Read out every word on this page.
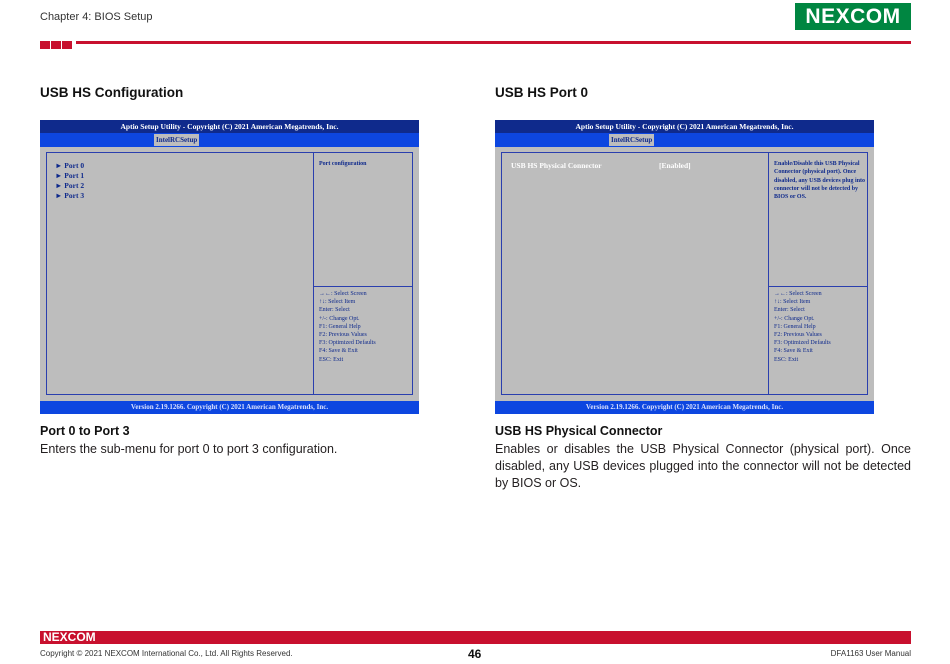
Chapter 4: BIOS Setup	NEXCOM
USB HS Configuration
Aptio Setup Utility - Copyright (C) 2021 American Megatrends, Inc.
IntelRCSetup
► Port 0
► Port 1
► Port 2
► Port 3
Port configuration
→←: Select Screen
↑↓: Select Item
Enter: Select
+/-: Change Opt.
F1: General Help
F2: Previous Values
F3: Optimized Defaults
F4: Save & Exit
ESC: Exit
Version 2.19.1266. Copyright (C) 2021 American Megatrends, Inc.
Port 0 to Port 3
Enters the sub-menu for port 0 to port 3 configuration.
USB HS Port 0
Aptio Setup Utility - Copyright (C) 2021 American Megatrends, Inc.
IntelRCSetup
USB HS Physical Connector	[Enabled]	Enable/Disable this USB Physical Connector (physical port). Once disabled, any USB devices plug into connector will not be detected by BIOS or OS.
→←: Select Screen
↑↓: Select Item
Enter: Select
+/-: Change Opt.
F1: General Help
F2: Previous Values
F3: Optimized Defaults
F4: Save & Exit
ESC: Exit
Version 2.19.1266. Copyright (C) 2021 American Megatrends, Inc.
USB HS Physical Connector
Enables or disables the USB Physical Connector (physical port). Once disabled, any USB devices plugged into the connector will not be detected by BIOS or OS.
NEXCOM
Copyright © 2021 NEXCOM International Co., Ltd. All Rights Reserved.	46	DFA1163 User Manual
